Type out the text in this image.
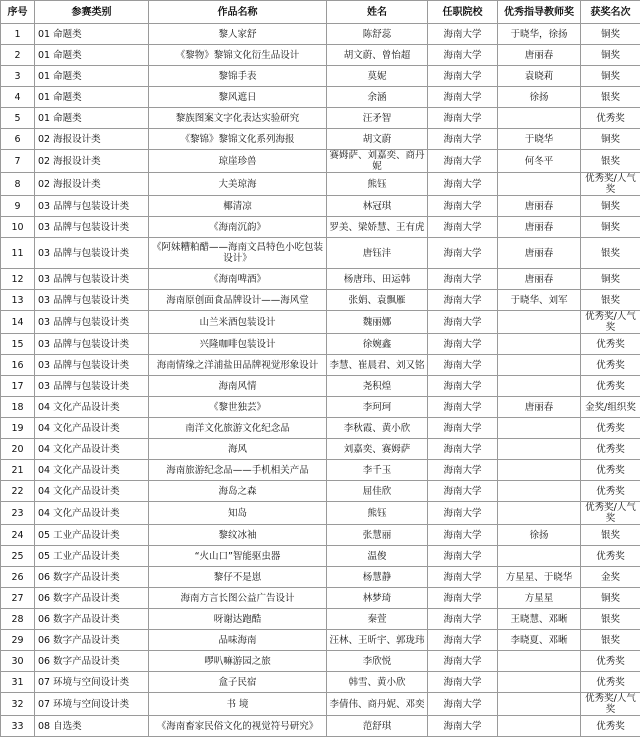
序号	参赛类别	作品名称	姓名	任职院校	优秀指导教师奖	获奖名次
1	01 命题类	黎人家舒	陈舒蕊	海南大学	于晓华，徐扬	铜奖
2	01 命题类	《黎物》黎锦文化衍生品设计	胡文蔚、曾怡超	海南大学	唐丽春	铜奖
3	01 命题类	黎锦手表	莫妮	海南大学	袁晓莉	铜奖
4	01 命题类	黎风遮日	余涵	海南大学	徐扬	银奖
5	01 命题类	黎族图案文字化表达实验研究	汪矛智	海南大学		优秀奖
6	02 海报设计类	《黎锦》黎锦文化系列海报	胡文蔚	海南大学	于晓华	铜奖
7	02 海报设计类	琼崖珍兽	赛姆萨、刘嘉奕、商丹妮	海南大学	何冬平	银奖
8	02 海报设计类	大美琼海	熊钰	海南大学		优秀奖/人气奖
9	03 品牌与包装设计类	椰清凉	林冠琪	海南大学	唐丽春	铜奖
10	03 品牌与包装设计类	《海南沉韵》	罗美、梁娇慧、王有虎	海南大学	唐丽春	铜奖
11	03 品牌与包装设计类	《阿妹糟粕醋——海南文昌特色小吃包装设计》	唐钰沣	海南大学	唐丽春	银奖
12	03 品牌与包装设计类	《海南啤酒》	杨唐玮、田运韩	海南大学	唐丽春	铜奖
13	03 品牌与包装设计类	海南原创面食品牌设计——海风堂	张娟、袁飘雁	海南大学	于晓华、刘军	银奖
14	03 品牌与包装设计类	山兰米酒包装设计	魏丽娜	海南大学		优秀奖/人气奖
15	03 品牌与包装设计类	兴隆咖啡包装设计	徐婉鑫	海南大学		优秀奖
16	03 品牌与包装设计类	海南情缘之洋浦盐田品牌视觉形象设计	李慧、崔晨君、刘又铭	海南大学		优秀奖
17	03 品牌与包装设计类	海南风情	尧积煌	海南大学		优秀奖
18	04 文化产品设计类	《黎世独芸》	李珂珂	海南大学	唐丽春	金奖/组织奖
19	04 文化产品设计类	南洋文化旅游文化纪念品	李秋霞、黄小欣	海南大学		优秀奖
20	04 文化产品设计类	海风	刘嘉奕、赛姆萨	海南大学		优秀奖
21	04 文化产品设计类	海南旅游纪念品——手机相关产品	李千玉	海南大学		优秀奖
22	04 文化产品设计类	海岛之森	屈佳欣	海南大学		优秀奖
23	04 文化产品设计类	知岛	熊钰	海南大学		优秀奖/人气奖
24	05 工业产品设计类	黎纹冰袖	张慧丽	海南大学	徐扬	银奖
25	05 工业产品设计类	“火山口”智能驱虫器	温俊	海南大学		优秀奖
26	06 数字产品设计类	黎仔不是崽	杨慧静	海南大学	方星星、于晓华	金奖
27	06 数字产品设计类	海南方言长图公益广告设计	林梦琦	海南大学	方星星	铜奖
28	06 数字产品设计类	呀谢达跑酷	秦萱	海南大学	王晓慧、邓晰	银奖
29	06 数字产品设计类	品味海南	汪林、王昕宇、郭珑玮	海南大学	李晓夏、邓晰	银奖
30	06 数字产品设计类	啰叭嘛游园之旅	李欣悦	海南大学		优秀奖
31	07 环境与空间设计类	盒子民宿	韩雪、黄小欣	海南大学		优秀奖
32	07 环境与空间设计类	书 境	李倩伟、商丹妮、邓奕	海南大学		优秀奖/人气奖
33	08 自选类	《海南畜家民俗文化的视觉符号研究》	范舒琪	海南大学		优秀奖
